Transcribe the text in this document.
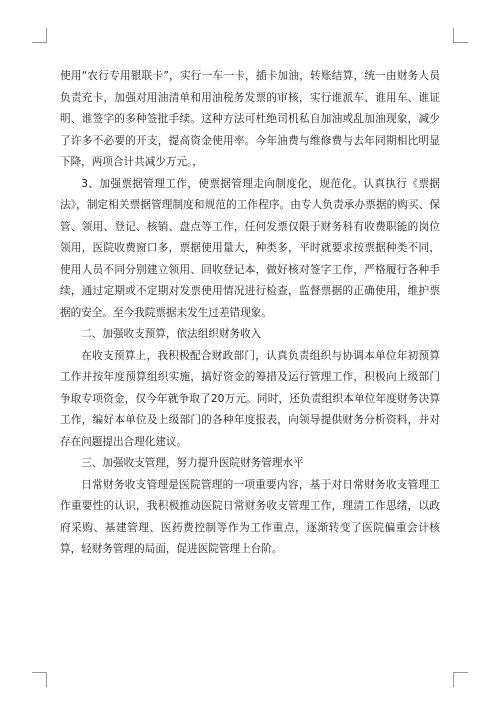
使用“农行专用银联卡”，实行一车一卡，插卡加油，转账结算，统一由财务人员负责充卡，加强对用油清单和用油税务发票的审核，实行谁派车、谁用车、谁证明、谁签字的多种签批手续。这种方法可杜绝司机私自加油或乱加油现象，减少了许多不必要的开支，提高资金使用率。今年油费与维修费与去年同期相比明显下降，两项合计共减少万元。，

3、加强票据管理工作，使票据管理走向制度化，规范化。认真执行《票据法》，制定相关票据管理制度和规范的工作程序。由专人负责承办票据的购买、保管、领用、登记、核销、盘点等工作，任何发票仅限于财务科有收费职能的岗位领用，医院收费窗口多，票据使用量大，种类多，平时就要求按票据种类不同，使用人员不同分别建立领用、回收登记本，做好核对签字工作，严格履行各种手续，通过定期或不定期对发票使用情况进行检查，监督票据的正确使用，维护票据的安全。至今我院票据未发生过差错现象。

二、加强收支预算，依法组织财务收入

在收支预算上，我积极配合财政部门，认真负责组织与协调本单位年初预算工作并按年度预算组织实施，搞好资金的筹措及运行管理工作，积极向上级部门争取专项资金，仅今年就争取了20万元。同时，还负责组织本单位年度财务决算工作，编好本单位及上级部门的各种年度报表，向领导提供财务分析资料，并对存在问题提出合理化建议。

三、加强收支管理，努力提升医院财务管理水平

日常财务收支管理是医院管理的一项重要内容，基于对日常财务收支管理工作重要性的认识，我积极推动医院日常财务收支管理工作，理清工作思绪，以政府采购、基建管理、医药费控制等作为工作重点，逐渐转变了医院偏重会计核算，轻财务管理的局面，促进医院管理上台阶。
